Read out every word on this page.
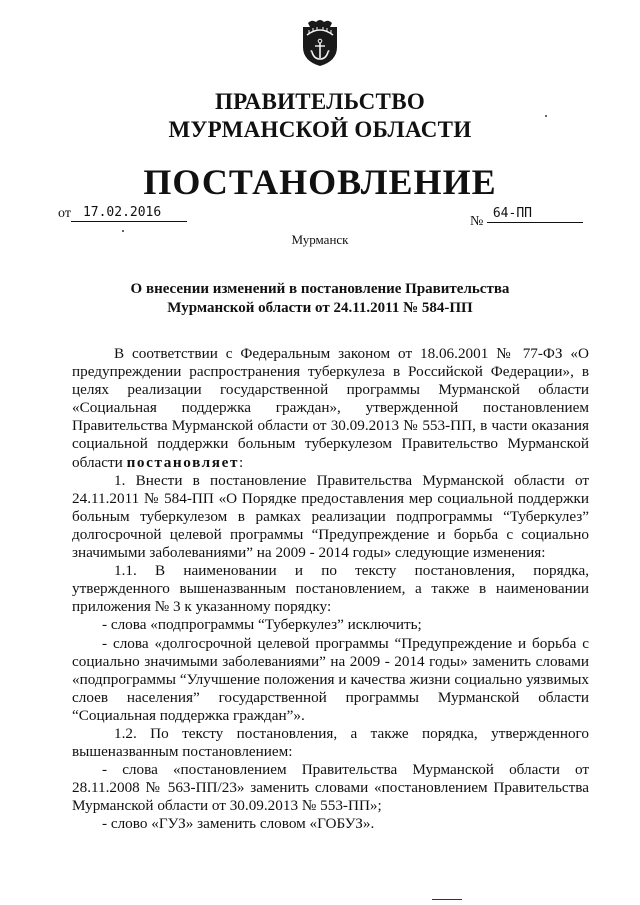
ПРАВИТЕЛЬСТВО
МУРМАНСКОЙ ОБЛАСТИ
ПОСТАНОВЛЕНИЕ
от 17.02.2016
№ 64-ПП
Мурманск
О внесении изменений в постановление Правительства
Мурманской области от 24.11.2011 № 584-ПП

В соответствии с Федеральным законом от 18.06.2001 № 77-ФЗ «О предупреждении распространения туберкулеза в Российской Федерации», в целях реализации государственной программы Мурманской области «Социальная поддержка граждан», утвержденной постановлением Правительства Мурманской области от 30.09.2013 № 553-ПП, в части оказания социальной поддержки больным туберкулезом Правительство Мурманской области постановляет:

1. Внести в постановление Правительства Мурманской области от 24.11.2011 № 584-ПП «О Порядке предоставления мер социальной поддержки больным туберкулезом в рамках реализации подпрограммы “Туберкулез” долгосрочной целевой программы “Предупреждение и борьба с социально значимыми заболеваниями” на 2009 - 2014 годы» следующие изменения:

1.1. В наименовании и по тексту постановления, порядка, утвержденного вышеназванным постановлением, а также в наименовании приложения № 3 к указанному порядку:

- слова «подпрограммы “Туберкулез” исключить;

- слова «долгосрочной целевой программы “Предупреждение и борьба с социально значимыми заболеваниями” на 2009 - 2014 годы» заменить словами «подпрограммы “Улучшение положения и качества жизни социально уязвимых слоев населения” государственной программы Мурманской области “Социальная поддержка граждан”».

1.2. По тексту постановления, а также порядка, утвержденного вышеназванным постановлением:

- слова «постановлением Правительства Мурманской области от 28.11.2008 № 563-ПП/23» заменить словами «постановлением Правительства Мурманской области от 30.09.2013 № 553-ПП»;

- слово «ГУЗ» заменить словом «ГОБУЗ».
